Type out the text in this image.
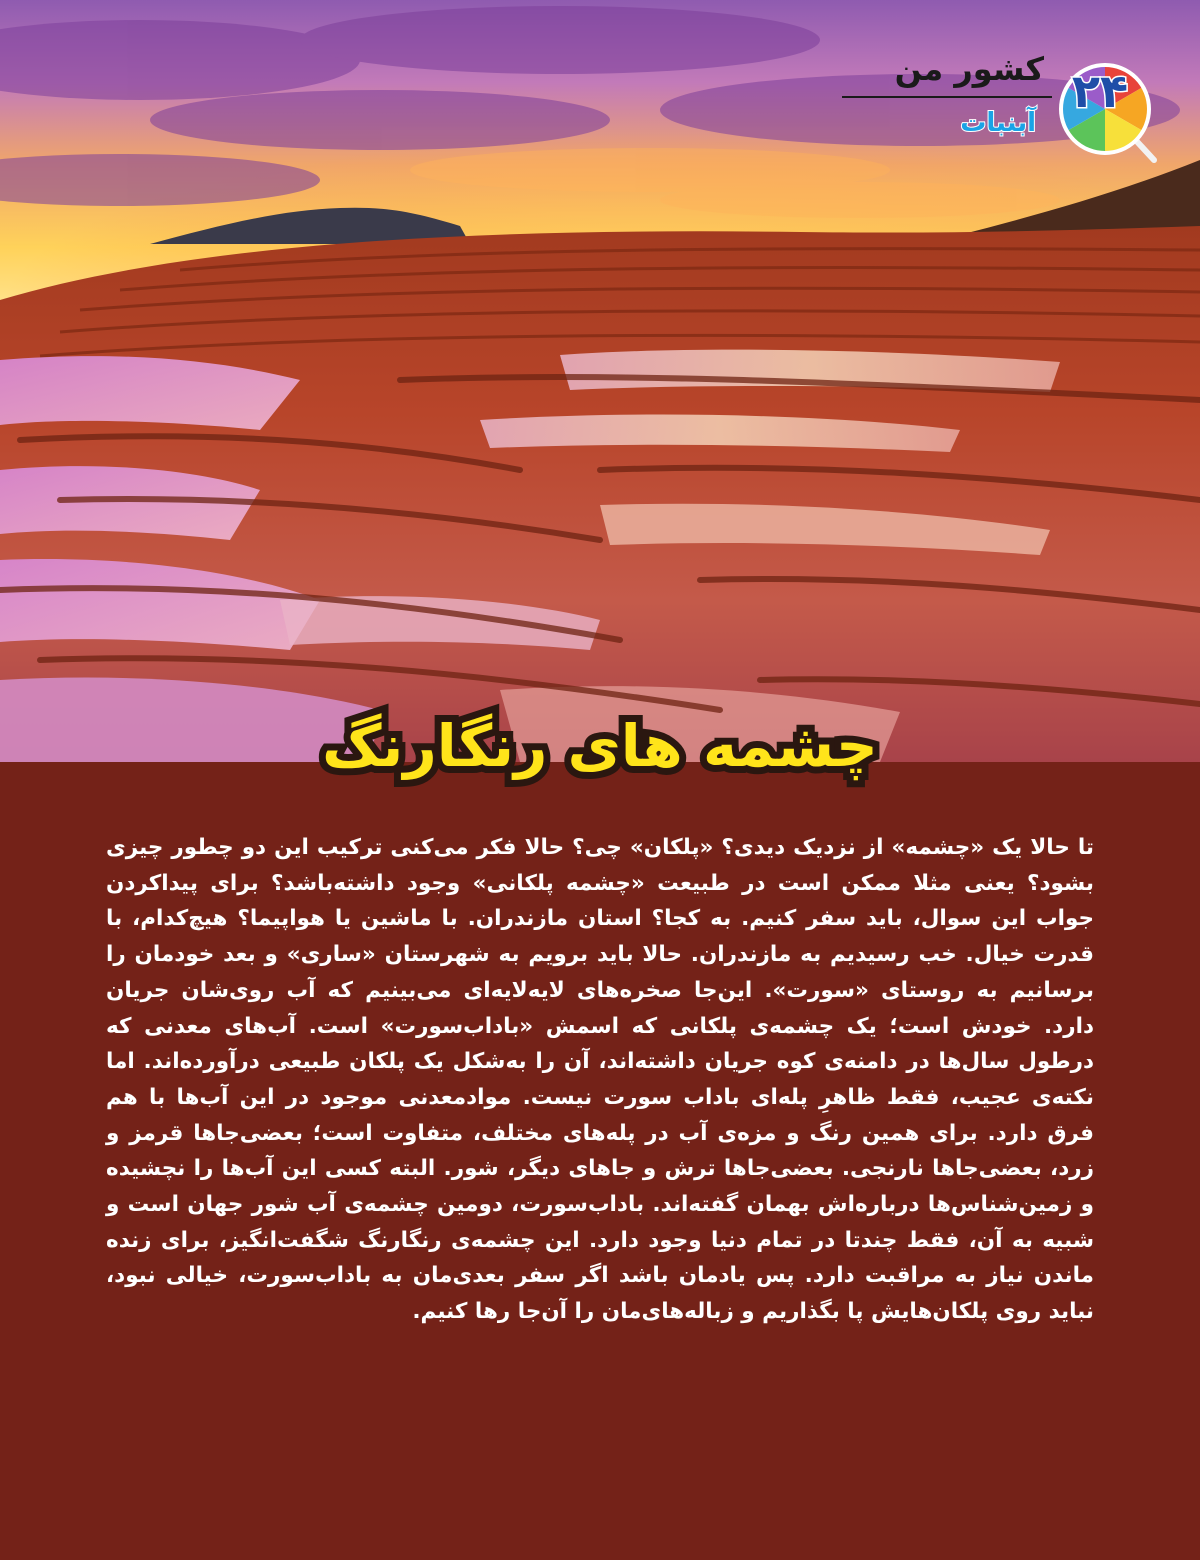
۲۴
کشور من
آبنبات
چشمه های رنگارنگ

تا حالا یک «چشمه» از نزدیک دیدی؟ «پلکان» چی؟ حالا فکر می‌کنی ترکیب این دو چطور چیزی بشود؟ یعنی مثلا ممکن است در طبیعت «چشمه پلکانی» وجود داشته‌باشد؟ برای پیداکردن جواب این سوال، باید سفر کنیم. به کجا؟ استان مازندران. با ماشین یا هواپیما؟ هیچ‌کدام، با قدرت خیال. خب رسیدیم به مازندران. حالا باید برویم به شهرستان «ساری» و بعد خودمان را برسانیم به روستای «سورت». این‌جا صخره‌های لایه‌لایه‌ای می‌بینیم که آب روی‌شان جریان دارد. خودش است؛ یک چشمه‌ی پلکانی که اسمش «باداب‌سورت» است. آب‌های معدنی که درطول سال‌ها در دامنه‌ی کوه جریان داشته‌اند، آن را به‌شکل یک پلکان طبیعی درآورده‌اند. اما نکته‌ی عجیب، فقط ظاهرِ پله‌ای باداب سورت نیست. موادمعدنی موجود در این آب‌ها با هم فرق دارد. برای همین رنگ و مزه‌ی آب در پله‌های مختلف، متفاوت است؛ بعضی‌جاها قرمز و زرد، بعضی‌جاها نارنجی. بعضی‌جاها ترش و جاهای دیگر، شور. البته کسی این آب‌ها را نچشیده و زمین‌شناس‌ها درباره‌اش بهمان گفته‌اند. باداب‌سورت، دومین چشمه‌ی آب شور جهان است و شبیه به آن، فقط چندتا در تمام دنیا وجود دارد. این چشمه‌ی رنگارنگ شگفت‌انگیز، برای زنده ماندن نیاز به مراقبت دارد. پس یادمان باشد اگر سفر بعدی‌مان به باداب‌سورت، خیالی نبود، نباید روی پلکان‌هایش پا بگذاریم و زباله‌های‌مان را آن‌جا رها کنیم.
